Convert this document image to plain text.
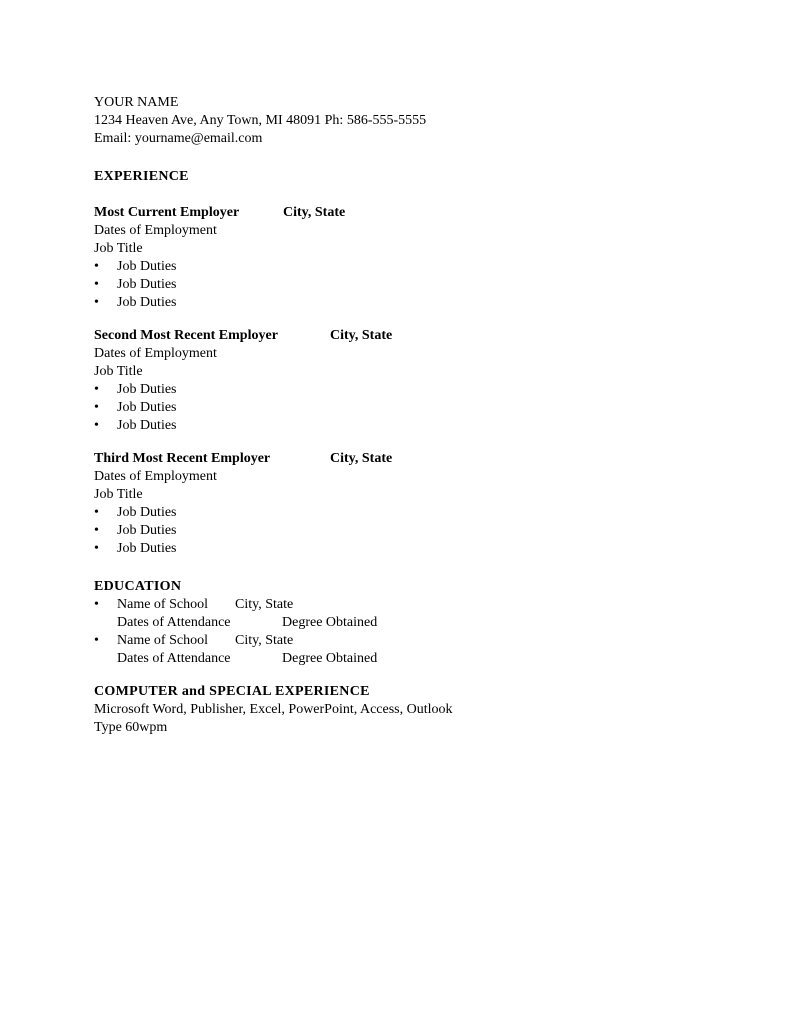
YOUR NAME
1234 Heaven Ave, Any Town, MI 48091 Ph: 586-555-5555
Email: yourname@email.com
EXPERIENCE
Most Current Employer	City, State
Dates of Employment
Job Title
•	Job Duties
•	Job Duties
•	Job Duties
Second Most Recent Employer	City, State
Dates of Employment
Job Title
•	Job Duties
•	Job Duties
•	Job Duties
Third Most Recent Employer	City, State
Dates of Employment
Job Title
•	Job Duties
•	Job Duties
•	Job Duties
EDUCATION
•	Name of School	City, State
Dates of Attendance	Degree Obtained
•	Name of School	City, State
Dates of Attendance	Degree Obtained
COMPUTER and SPECIAL EXPERIENCE
Microsoft Word, Publisher, Excel, PowerPoint, Access, Outlook
Type 60wpm
